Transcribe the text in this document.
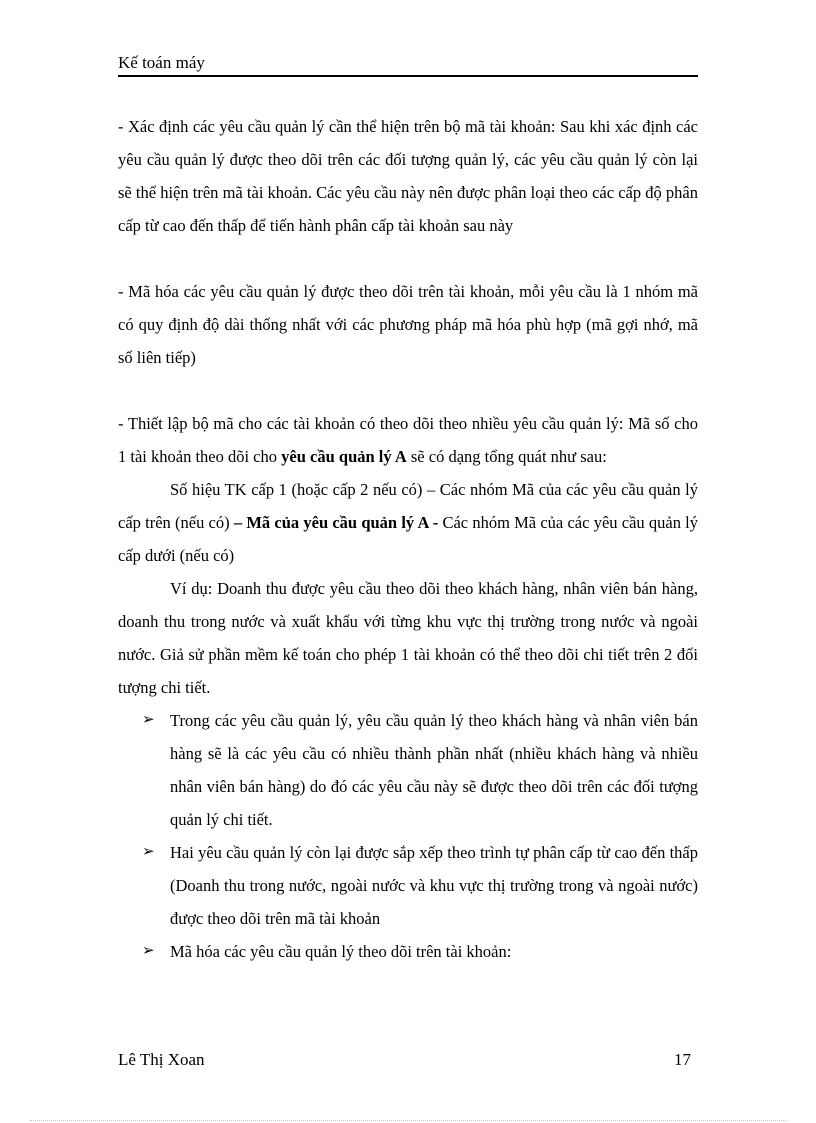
Kế toán máy

- Xác định các yêu cầu quản lý cần thể hiện trên bộ mã tài khoản: Sau khi xác định các yêu cầu quản lý được theo dõi trên các đối tượng quản lý, các yêu cầu quản lý còn lại sẽ thể hiện trên mã tài khoản. Các yêu cầu này nên được phân loại theo các cấp độ phân cấp từ cao đến thấp để tiến hành phân cấp tài khoản sau này

- Mã hóa các yêu cầu quản lý được theo dõi trên tài khoản, mỗi yêu cầu là 1 nhóm mã có quy định độ dài thống nhất với các phương pháp mã hóa phù hợp (mã gợi nhớ, mã số liên tiếp)

- Thiết lập bộ mã cho các tài khoản có theo dõi theo nhiều yêu cầu quản lý: Mã số cho 1 tài khoản theo dõi cho yêu cầu quản lý A sẽ có dạng tổng quát như sau:

Số hiệu TK cấp 1 (hoặc cấp 2 nếu có) – Các nhóm Mã của các yêu cầu quản lý cấp trên (nếu có) – Mã của yêu cầu quản lý A - Các nhóm Mã của các yêu cầu quản lý cấp dưới (nếu có)

Ví dụ: Doanh thu được yêu cầu theo dõi theo khách hàng, nhân viên bán hàng, doanh thu trong nước và xuất khẩu với từng khu vực thị trường trong nước và ngoài nước. Giả sử phần mềm kế toán cho phép 1 tài khoản có thể theo dõi chi tiết trên 2 đối tượng chi tiết.

➢ Trong các yêu cầu quản lý, yêu cầu quản lý theo khách hàng và nhân viên bán hàng sẽ là các yêu cầu có nhiều thành phần nhất (nhiều khách hàng và nhiều nhân viên bán hàng) do đó các yêu cầu này sẽ được theo dõi trên các đối tượng quản lý chi tiết.
➢ Hai yêu cầu quản lý còn lại được sắp xếp theo trình tự phân cấp từ cao đến thấp (Doanh thu trong nước, ngoài nước và khu vực thị trường trong và ngoài nước) được theo dõi trên mã tài khoản
➢ Mã hóa các yêu cầu quản lý theo dõi trên tài khoản:
Lê Thị Xoan	17
